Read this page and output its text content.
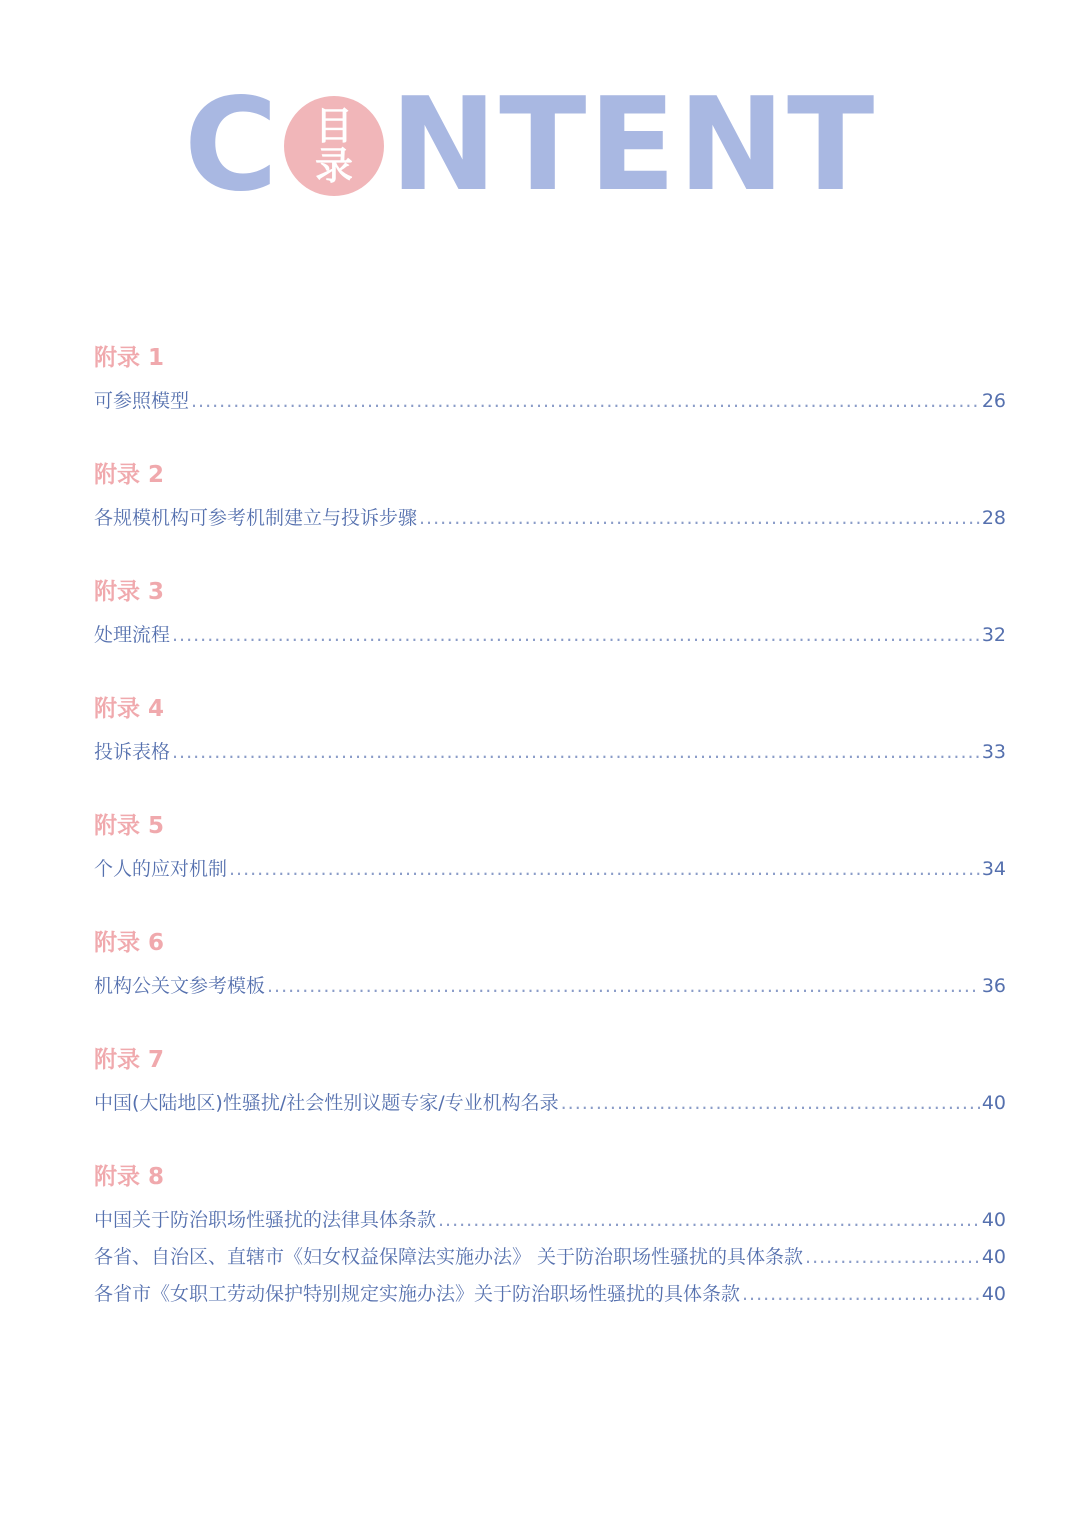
C 目
录 NTENT
附录 1
可参照模型 .....	26
附录 2
各规模机构可参考机制建立与投诉步骤 .....	28
附录 3
处理流程 .....	32
附录 4
投诉表格 .....	33
附录 5
个人的应对机制 .....	34
附录 6
机构公关文参考模板 .....	36
附录 7
中国(大陆地区)性骚扰/社会性别议题专家/专业机构名录 .....	40
附录 8
中国关于防治职场性骚扰的法律具体条款 .....	40
各省、自治区、直辖市《妇女权益保障法实施办法》 关于防治职场性骚扰的具体条款 .....	40
各省市《女职工劳动保护特别规定实施办法》关于防治职场性骚扰的具体条款 .....	40
